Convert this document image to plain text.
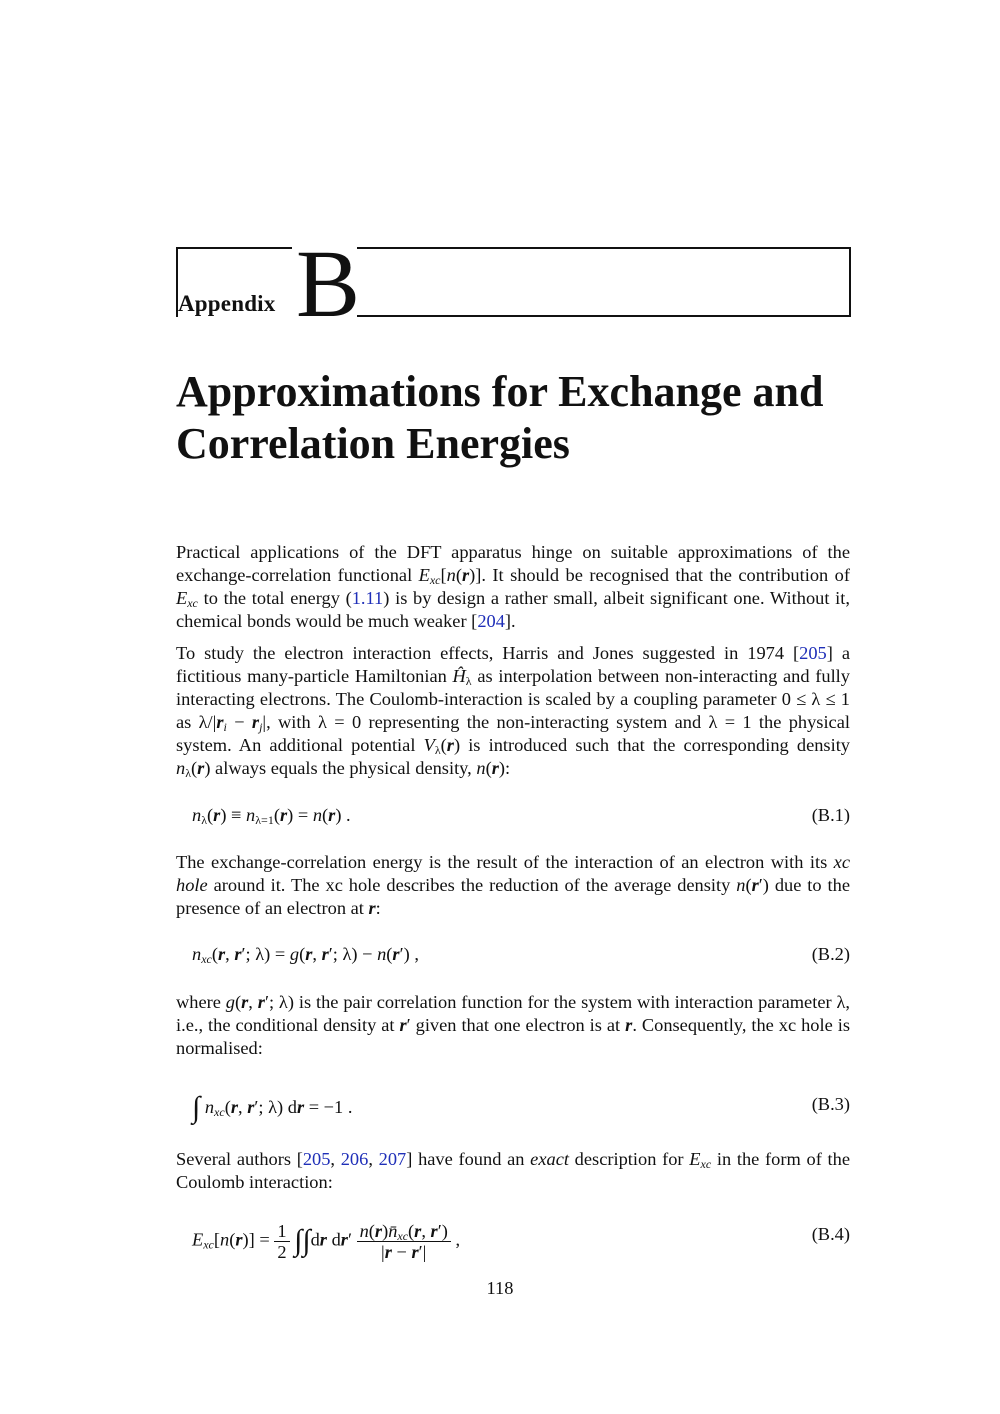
Appendix B
Approximations for Exchange and
Correlation Energies

Practical applications of the DFT apparatus hinge on suitable approximations of the exchange-correlation functional $E_{xc}[n(r)]$. It should be recognised that the contribution of $E_{xc}$ to the total energy (1.11) is by design a rather small, albeit significant one. Without it, chemical bonds would be much weaker [204].

To study the electron interaction effects, Harris and Jones suggested in 1974 [205] a fictitious many-particle Hamiltonian $Ĥ_\lambda$ as interpolation between non-interacting and fully interacting electrons. The Coulomb-interaction is scaled by a coupling parameter 0 ≤ λ ≤ 1 as $\lambda/|r_i - r_j|$, with λ = 0 representing the non-interacting system and λ = 1 the physical system. An additional potential $V_\lambda(r)$ is introduced such that the corresponding density $n_\lambda(r)$ always equals the physical density, n(r):

$n_\lambda(r) \equiv n_{\lambda=1}(r) = n(r)$ .	(B.1)

The exchange-correlation energy is the result of the interaction of an electron with its xc hole around it. The xc hole describes the reduction of the average density n(r′) due to the presence of an electron at r:

$n_{xc}(r$, r′; λ) = g(r, r′; λ) − n(r′) ,	(B.2)

where g(r, r′; λ) is the pair correlation function for the system with interaction parameter λ, i.e., the conditional density at r′ given that one electron is at r. Consequently, the xc hole is normalised:

∫ $n_{xc}(r$, r′; λ) dr = −1 .	(B.3)

Several authors [205, 206, 207] have found an exact description for $E_{xc}$ in the form of the Coulomb interaction:

$E_{xc}[n(r)] = \frac{1}{2} \int\int dr$ $dr' \frac{n(r)n̄_{xc}(r, r')}{|r - r'|}$ ,	(B.4)
118
